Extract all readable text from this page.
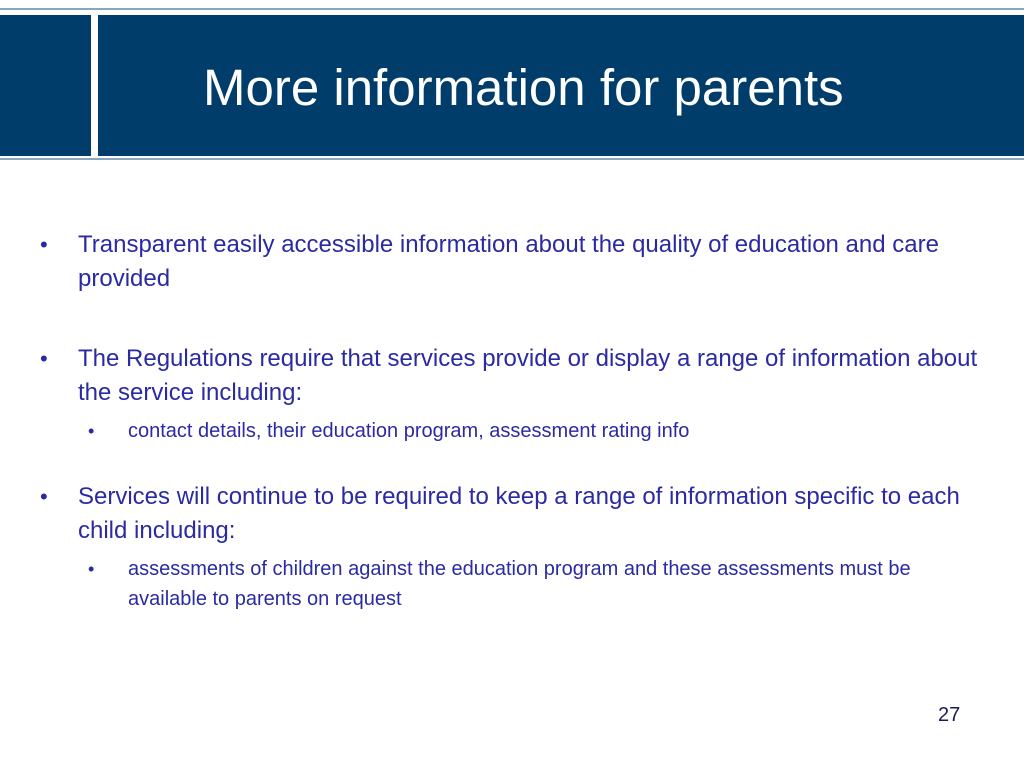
More information for parents
• Transparent easily accessible information about the quality of education and care provided
• The Regulations require that services provide or display a range of information about the service including:
• contact details, their education program, assessment rating info
• Services will continue to be required to keep a range of information specific to each child including:
• assessments of children against the education program and these assessments must be available to parents on request
27
